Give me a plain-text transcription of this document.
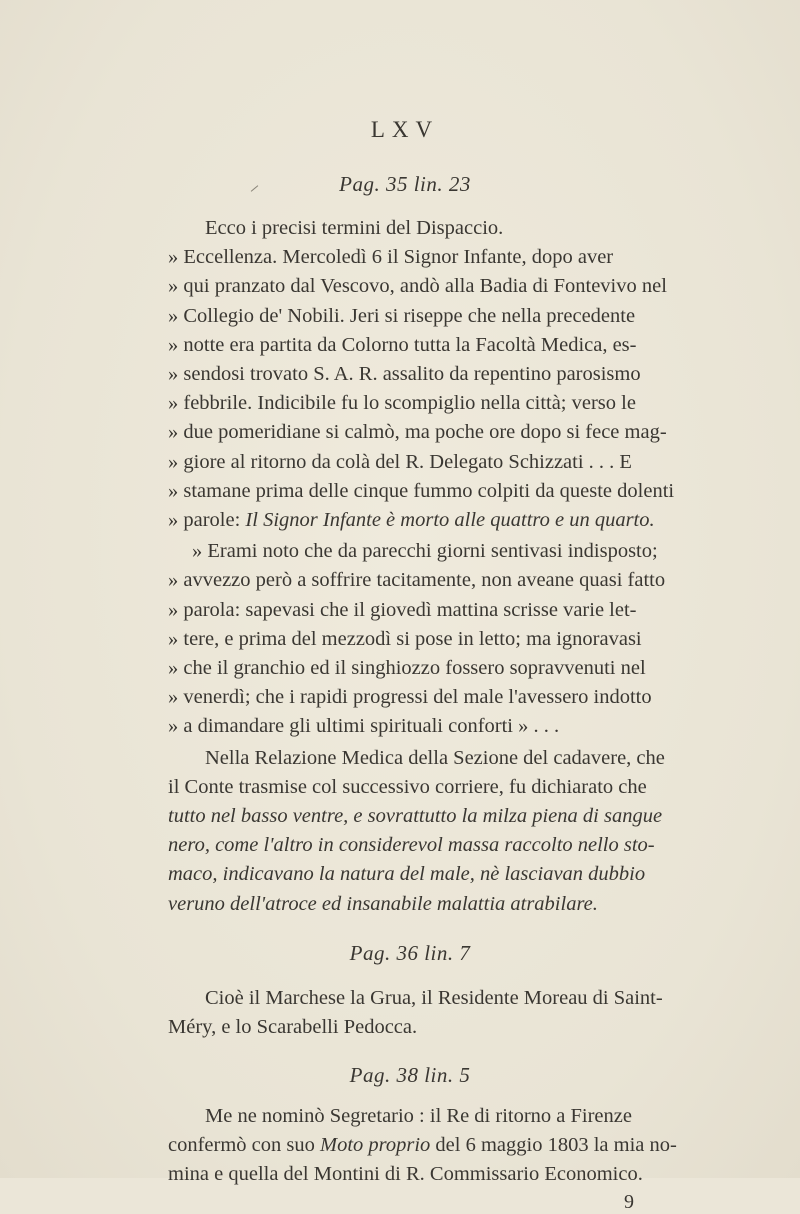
LXV
Pag. 35 lin. 23
Ecco i precisi termini del Dispaccio.
» Eccellenza. Mercoledì 6 il Signor Infante, dopo aver
» qui pranzato dal Vescovo, andò alla Badia di Fontevivo nel
» Collegio de' Nobili. Jeri si riseppe che nella precedente
» notte era partita da Colorno tutta la Facoltà Medica, es-
» sendosi trovato S. A. R. assalito da repentino parosismo
» febbrile. Indicibile fu lo scompiglio nella città; verso le
» due pomeridiane si calmò, ma poche ore dopo si fece mag-
» giore al ritorno da colà del R. Delegato Schizzati . . . E
» stamane prima delle cinque fummo colpiti da queste dolenti
» parole: Il Signor Infante è morto alle quattro e un quarto.
» Erami noto che da parecchi giorni sentivasi indisposto;
» avvezzo però a soffrire tacitamente, non aveane quasi fatto
» parola: sapevasi che il giovedì mattina scrisse varie let-
» tere, e prima del mezzodì si pose in letto; ma ignoravasi
» che il granchio ed il singhiozzo fossero sopravvenuti nel
» venerdì; che i rapidi progressi del male l'avessero indotto
» a dimandare gli ultimi spirituali conforti » . . .
Nella Relazione Medica della Sezione del cadavere, che
il Conte trasmise col successivo corriere, fu dichiarato che
tutto nel basso ventre, e sovrattutto la milza piena di sangue
nero, come l'altro in considerevol massa raccolto nello sto-
maco, indicavano la natura del male, nè lasciavan dubbio
veruno dell'atroce ed insanabile malattia atrabilare.
Pag. 36 lin. 7
Cioè il Marchese la Grua, il Residente Moreau di Saint-
Méry, e lo Scarabelli Pedocca.
Pag. 38 lin. 5
Me ne nominò Segretario : il Re di ritorno a Firenze
confermò con suo Moto proprio del 6 maggio 1803 la mia no-
mina e quella del Montini di R. Commissario Economico.
9
